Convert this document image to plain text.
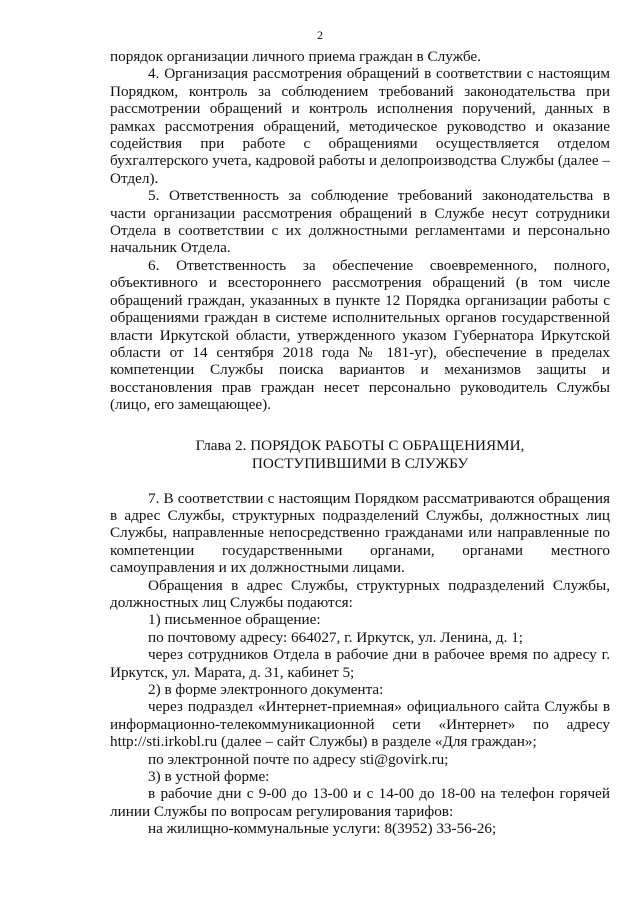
2

порядок организации личного приема граждан в Службе.

4. Организация рассмотрения обращений в соответствии с настоящим Порядком, контроль за соблюдением требований законодательства при рассмотрении обращений и контроль исполнения поручений, данных в рамках рассмотрения обращений, методическое руководство и оказание содействия при работе с обращениями осуществляется отделом бухгалтерского учета, кадровой работы и делопроизводства Службы (далее – Отдел).

5. Ответственность за соблюдение требований законодательства в части организации рассмотрения обращений в Службе несут сотрудники Отдела в соответствии с их должностными регламентами и персонально начальник Отдела.

6. Ответственность за обеспечение своевременного, полного, объективного и всестороннего рассмотрения обращений (в том числе обращений граждан, указанных в пункте 12 Порядка организации работы с обращениями граждан в системе исполнительных органов государственной власти Иркутской области, утвержденного указом Губернатора Иркутской области от 14 сентября 2018 года № 181-уг), обеспечение в пределах компетенции Службы поиска вариантов и механизмов защиты и восстановления прав граждан несет персонально руководитель Службы (лицо, его замещающее).

Глава 2. ПОРЯДОК РАБОТЫ С ОБРАЩЕНИЯМИ,
ПОСТУПИВШИМИ В СЛУЖБУ

7. В соответствии с настоящим Порядком рассматриваются обращения в адрес Службы, структурных подразделений Службы, должностных лиц Службы, направленные непосредственно гражданами или направленные по компетенции государственными органами, органами местного самоуправления и их должностными лицами.

Обращения в адрес Службы, структурных подразделений Службы, должностных лиц Службы подаются:

1) письменное обращение:

по почтовому адресу: 664027, г. Иркутск, ул. Ленина, д. 1;

через сотрудников Отдела в рабочие дни в рабочее время по адресу г. Иркутск, ул. Марата, д. 31, кабинет 5;

2) в форме электронного документа:

через подраздел «Интернет-приемная» официального сайта Службы в информационно-телекоммуникационной сети «Интернет» по адресу http://sti.irkobl.ru (далее – сайт Службы) в разделе «Для граждан»;

по электронной почте по адресу sti@govirk.ru;

3) в устной форме:

в рабочие дни с 9-00 до 13-00 и с 14-00 до 18-00 на телефон горячей линии Службы по вопросам регулирования тарифов:

на жилищно-коммунальные услуги: 8(3952) 33-56-26;
